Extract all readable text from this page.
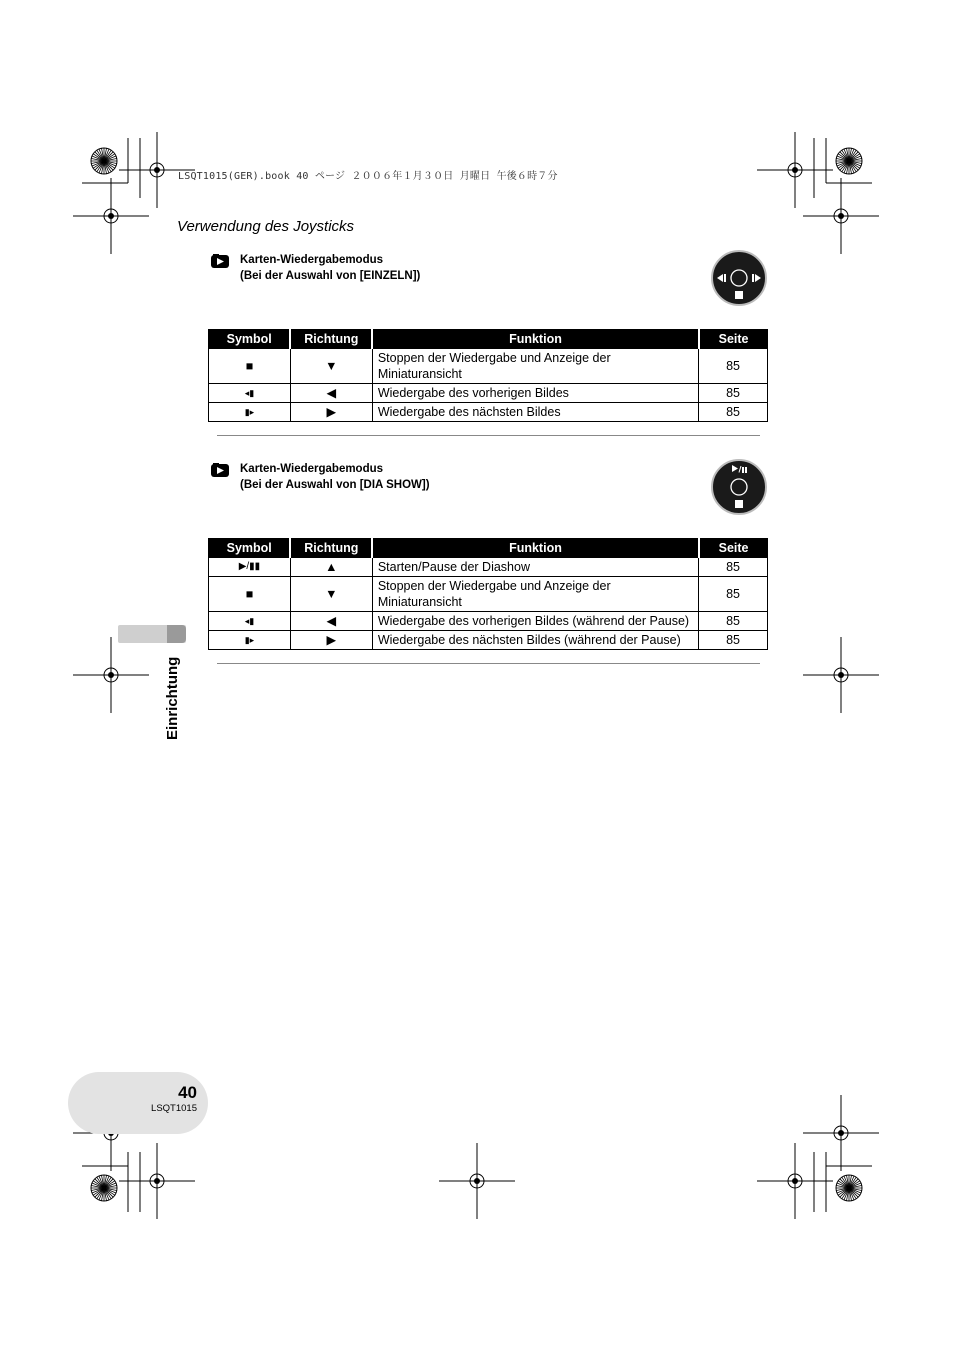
LSQT1015(GER).book 40 ページ ２００６年１月３０日 月曜日 午後６時７分
Verwendung des Joysticks
Karten-Wiedergabemodus
(Bei der Auswahl von [EINZELN])
Symbol	Richtung	Funktion	Seite
■	▼	Stoppen der Wiedergabe und Anzeige der Miniaturansicht	85
◂▮	◀	Wiedergabe des vorherigen Bildes	85
▮▸	▶	Wiedergabe des nächsten Bildes	85
Karten-Wiedergabemodus
(Bei der Auswahl von [DIA SHOW])
Symbol	Richtung	Funktion	Seite
▶/▮▮	▲	Starten/Pause der Diashow	85
■	▼	Stoppen der Wiedergabe und Anzeige der Miniaturansicht	85
◂▮	◀	Wiedergabe des vorherigen Bildes (während der Pause)	85
▮▸	▶	Wiedergabe des nächsten Bildes (während der Pause)	85
Einrichtung
40
LSQT1015
